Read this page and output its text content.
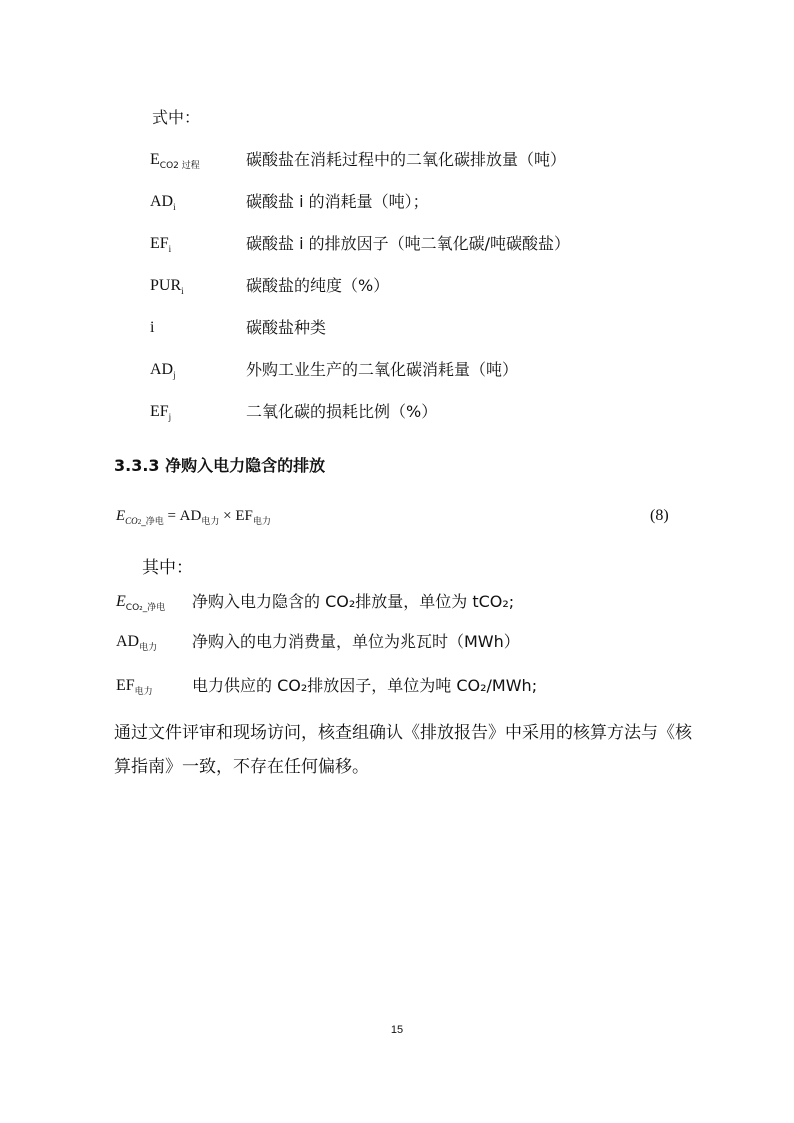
式中：
$E_{CO2 过程}$	碳酸盐在消耗过程中的二氧化碳排放量（吨）
$AD_i$	碳酸盐 i 的消耗量（吨）；
$EF_i$	碳酸盐 i 的排放因子（吨二氧化碳/吨碳酸盐）
$PUR_i$	碳酸盐的纯度（%）
i	碳酸盐种类
$AD_j$	外购工业生产的二氧化碳消耗量（吨）
$EF_j$	二氧化碳的损耗比例（%）
3.3.3 净购入电力隐含的排放
$E_{CO2\_净电} = AD_{电力} \times EF_{电力}$	(8)
其中：
$E_{CO_2\_净电}$ 净购入电力隐含的 CO₂排放量，单位为 tCO₂;
$AD_{电力}$ 净购入的电力消费量，单位为兆瓦时（MWh）
$EF_{电力}$ 电力供应的 CO₂排放因子，单位为吨 CO₂/MWh;
通过文件评审和现场访问，核查组确认《排放报告》中采用的核算方法与《核算指南》一致，不存在任何偏移。
15
